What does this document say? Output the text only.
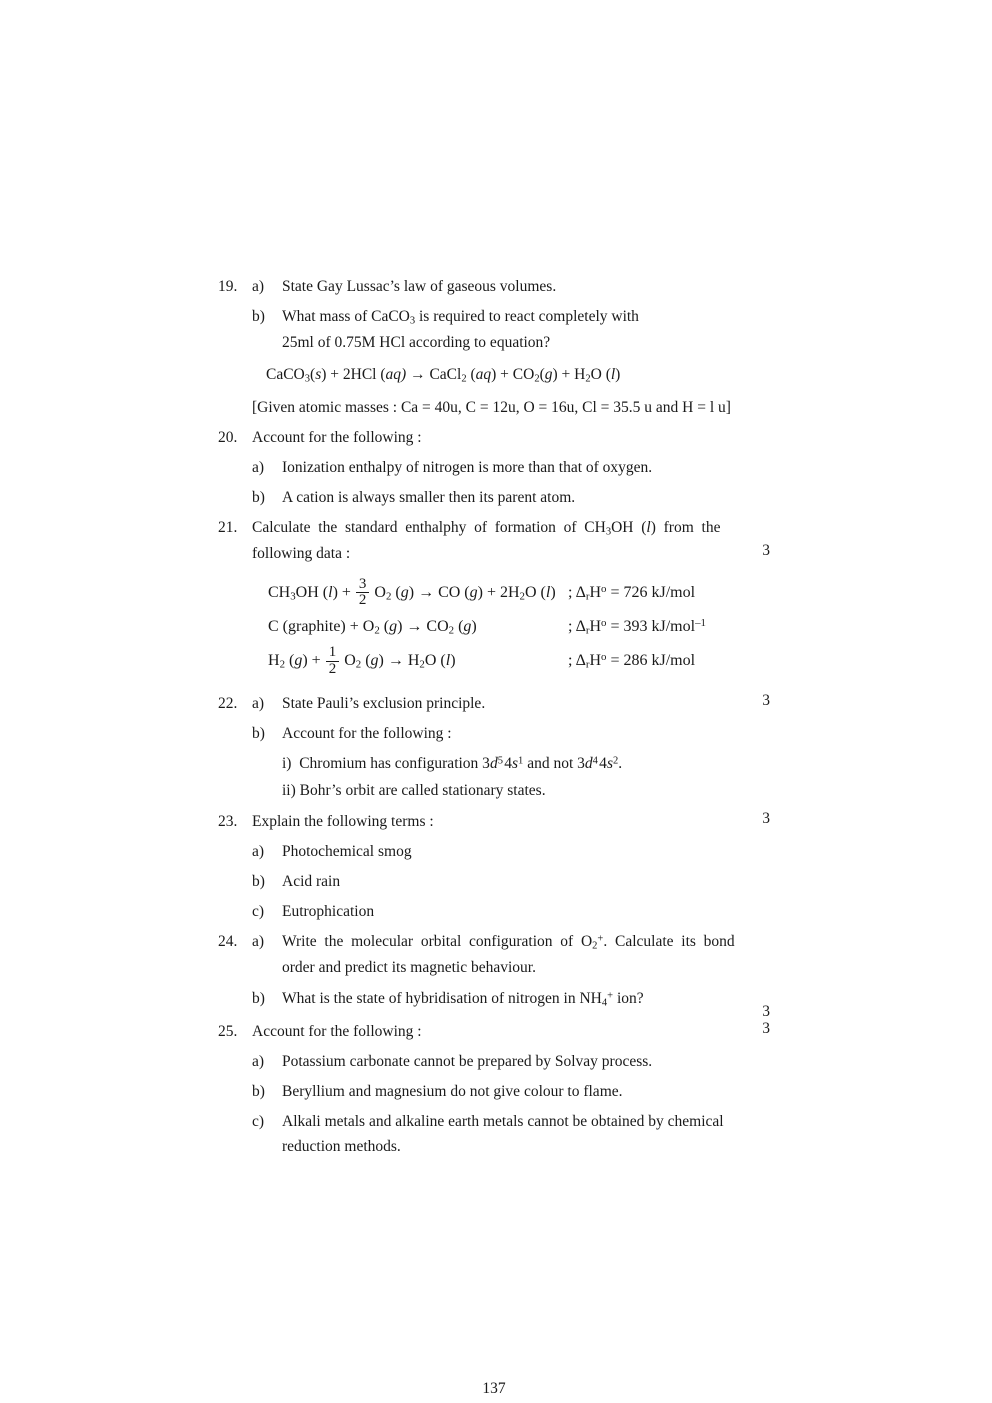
19. a)	State Gay Lussac’s law of gaseous volumes.
b)	What mass of CaCO$_3$ is required to react completely with
25ml of 0.75M HCl according to equation?
CaCO$_3$(s) + 2HCl (aq) → CaCl$_2$ $(aq) + CO_2(g) + H_2O$ (l)
[Given atomic masses : Ca = 40u, C = 12u, O = 16u, Cl = 35.5 u and H = l u]
20. Account for the following :
a)	Ionization enthalpy of nitrogen is more than that of oxygen.
b)	A cation is always smaller then its parent atom.
21. Calculate  the  standard  enthalphy  of  formation  of  $CH_3OH$  (l)  from  the
following data :	3
$CH_3OH$ $(l) + \frac{3}{2} O_2$ (g) → CO $(g) + 2H_2O$ (l) ; $\Delta_rH^o = 726$ kJ/mol
C (graphite) + $O_2$ $(g) \to CO_2$ (g)	; $\Delta_rH^o = 393$ kJ/mol$^{-1}$
$H_2$ $(g) + \frac{1}{2} O_2$ $(g) \to H_2O$ (l)	; $\Delta_rH^o = 286$ kJ/mol
22. a)	State Pauli’s exclusion principle.
b)	Account for the following :
3
i)  Chromium has configuration $3d^5$ $4s^1$ and not $3d^4$ $4s^2$.
ii) Bohr’s orbit are called stationary states.
23. Explain the following terms :	3
a)	Photochemical smog
b)	Acid rain
c)	Eutrophication
24. a)	Write  the  molecular  orbital  configuration  of  $O_2^+$.  Calculate  its  bond
order and predict its magnetic behaviour.
b)	What is the state of hybridisation of nitrogen in $NH_4^+$ ion?
3
25. Account for the following :	3
a)	Potassium carbonate cannot be prepared by Solvay process.
b)	Beryllium and magnesium do not give colour to flame.
c)	Alkali metals and alkaline earth metals cannot be obtained by chemical
reduction methods.
137
